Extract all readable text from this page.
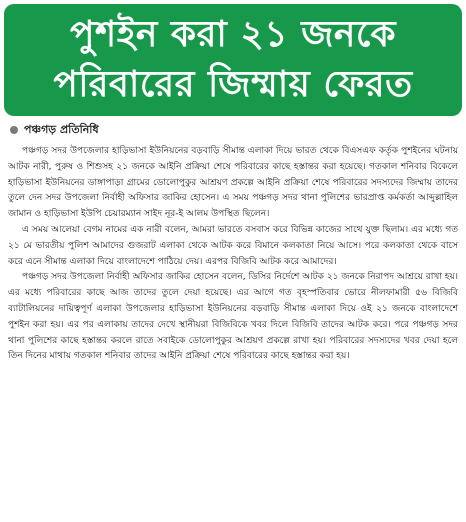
পুশইন করা ২১ জনকে
পরিবারের জিম্মায় ফেরত
পঞ্চগড় প্রতিনিধি

পঞ্চগড় সদর উপজেলার হাড়িভাসা ইউনিয়নের বড়বাড়ি সীমান্ত এলাকা দিয়ে ভারত থেকে বিএসএফ কর্তৃক পুশইনের ঘটনায় আটক নারী, পুরুষ ও শিশুসহ ২১ জনকে আইনি প্রক্রিয়া শেষে পরিবারের কাছে হস্তান্তর করা হয়েছে। গতকাল শনিবার বিকেলে হাড়িভাসা ইউনিয়নের ডাঙ্গাপাড়া গ্রামের ডোলোপুকুর আশ্রয়ণ প্রকল্পে আইনি প্রক্রিয়া শেষে পরিবারের সদস্যদের জিম্মায় তাদের তুলে দেন সদর উপজেলা নির্বাহী অফিসার জাকির হোসেন। এ সময় পঞ্চগড় সদর থানা পুলিশের ভারপ্রাপ্ত কর্মকর্তা আব্দুল্লাহিল জামান ও হাড়িভাসা ইউপি চেয়ারম্যান সাইদ নূর-ই আলম উপস্থিত ছিলেন।

এ সময় আলেয়া বেগম নামের এক নারী বলেন, আমরা ভারতে বসবাস করে বিভিন্ন কাজের সাথে যুক্ত ছিলাম। এর মধ্যে গত ২১ মে ভারতীয় পুলিশ আমাদের গুজরাট এলাকা থেকে আটক করে বিমানে কলকাতা নিয়ে আসে। পরে কলকাতা থেকে বাসে করে এনে সীমান্ত এলাকা দিয়ে বাংলাদেশে পাঠিয়ে দেয়। এরপর বিজিবি আটক করে আমাদের।

পঞ্চগড় সদর উপজেলা নির্বাহী অফিসার জাকির হোসেন বলেন, ডিসির নির্দেশে আটক ২১ জনকে নিরাপদ আশ্রয়ে রাখা হয়। এর মধ্যে পরিবারের কাছে আজ তাদের তুলে দেয়া হয়েছে। এর আগে গত বৃহস্পতিবার ভোরে নীলফামারী ৫৬ বিজিবি ব্যাটালিয়নের দায়িত্বপূর্ণ এলাকা উপজেলার হাড়িভাসা ইউনিয়নের বড়বাড়ি সীমান্ত এলাকা দিয়ে ওই ২১ জনকে বাংলাদেশে পুশইন করা হয়। এর পর এলাকায় তাদের দেখে স্থানীয়রা বিজিবিকে খবর দিলে বিজিবি তাদের আটক করে। পরে পঞ্চগড় সদর থানা পুলিশের কাছে হস্তান্তর করলে রাতে সবাইকে ডোলোপুকুর আশ্রয়ণ প্রকল্পে রাখা হয়। পরিবারের সদস্যদের খবর দেয়া হলে তিন দিনের মাথায় গতকাল শনিবার তাদের আইনি প্রক্রিয়া শেষে পরিবারের কাছে হস্তান্তর করা হয়।
